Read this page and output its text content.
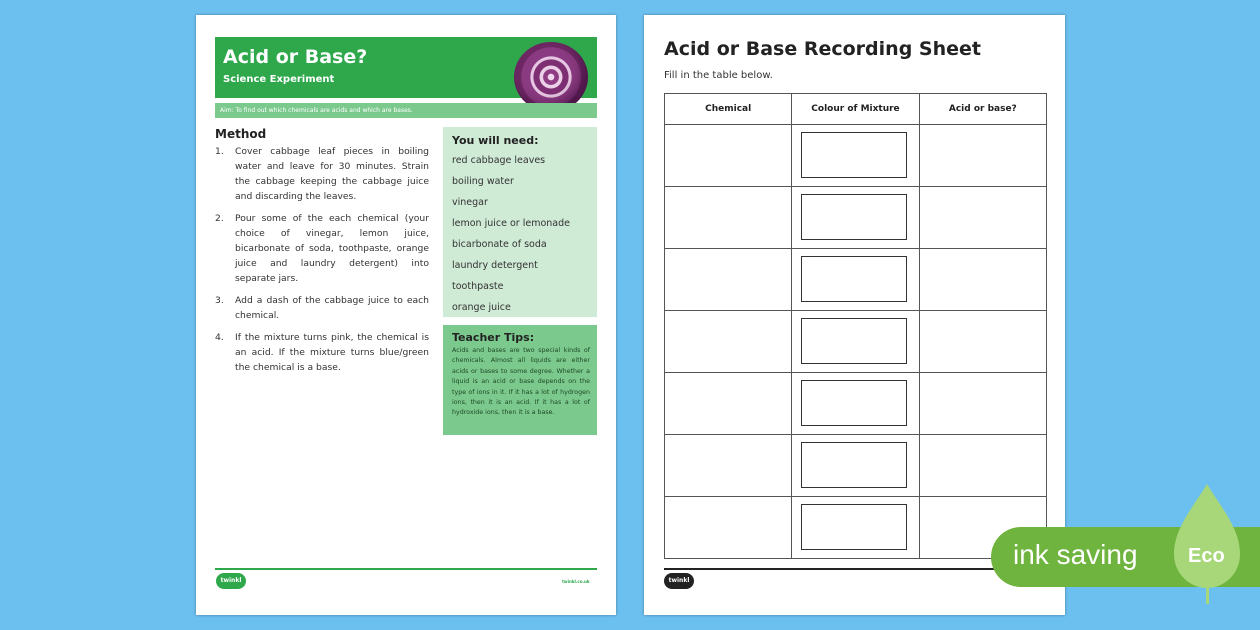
Acid or Base?
Science Experiment
Aim: To find out which chemicals are acids and which are bases.
Method
1.	Cover cabbage leaf pieces in boiling water and leave for 30 minutes. Strain the cabbage keeping the cabbage juice and discarding the leaves.
2.	Pour some of the each chemical (your choice of vinegar, lemon juice, bicarbonate of soda, toothpaste, orange juice and laundry detergent) into separate jars.
3.	Add a dash of the cabbage juice to each chemical.
4.	If the mixture turns pink, the chemical is an acid. If the mixture turns blue/green the chemical is a base.
You will need:
red cabbage leaves
boiling water
vinegar
lemon juice or lemonade
bicarbonate of soda
laundry detergent
toothpaste
orange juice
Teacher Tips:
Acids and bases are two special kinds of chemicals. Almost all liquids are either acids or bases to some degree. Whether a liquid is an acid or base depends on the type of ions in it. If it has a lot of hydrogen ions, then it is an acid. If it has a lot of hydroxide ions, then it is a base.
twinkl	twinkl.co.uk
Acid or Base Recording Sheet
Fill in the table below.
Chemical	Colour of Mixture	Acid or base?

twinkl
ink saving	Eco
